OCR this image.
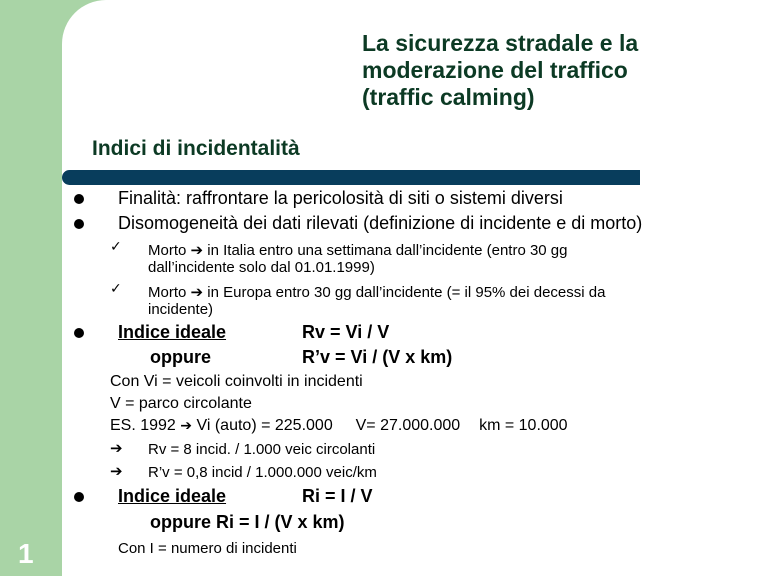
La sicurezza stradale e la
moderazione del traffico
(traffic calming)
Indici di incidentalità
Finalità: raffrontare la pericolosità di siti o sistemi diversi
Disomogeneità dei dati rilevati (definizione di incidente e di morto)
✓ Morto ➔ in Italia entro una settimana dall’incidente (entro 30 gg
dall’incidente solo dal 01.01.1999)
✓ Morto ➔ in Europa entro 30 gg dall’incidente (= il 95% dei decessi da
incidente)
Indice ideale	Rv = Vi / V
oppure	R’v = Vi / (V x km)
Con Vi = veicoli coinvolti in incidenti
V = parco circolante
ES. 1992 ➔ Vi (auto) = 225.000 V= 27.000.000 km = 10.000
➔ Rv = 8 incid. / 1.000 veic circolanti
➔ R’v = 0,8 incid / 1.000.000 veic/km
Indice ideale	Ri = I / V
oppure Ri = I / (V x km)
Con I = numero di incidenti
1
